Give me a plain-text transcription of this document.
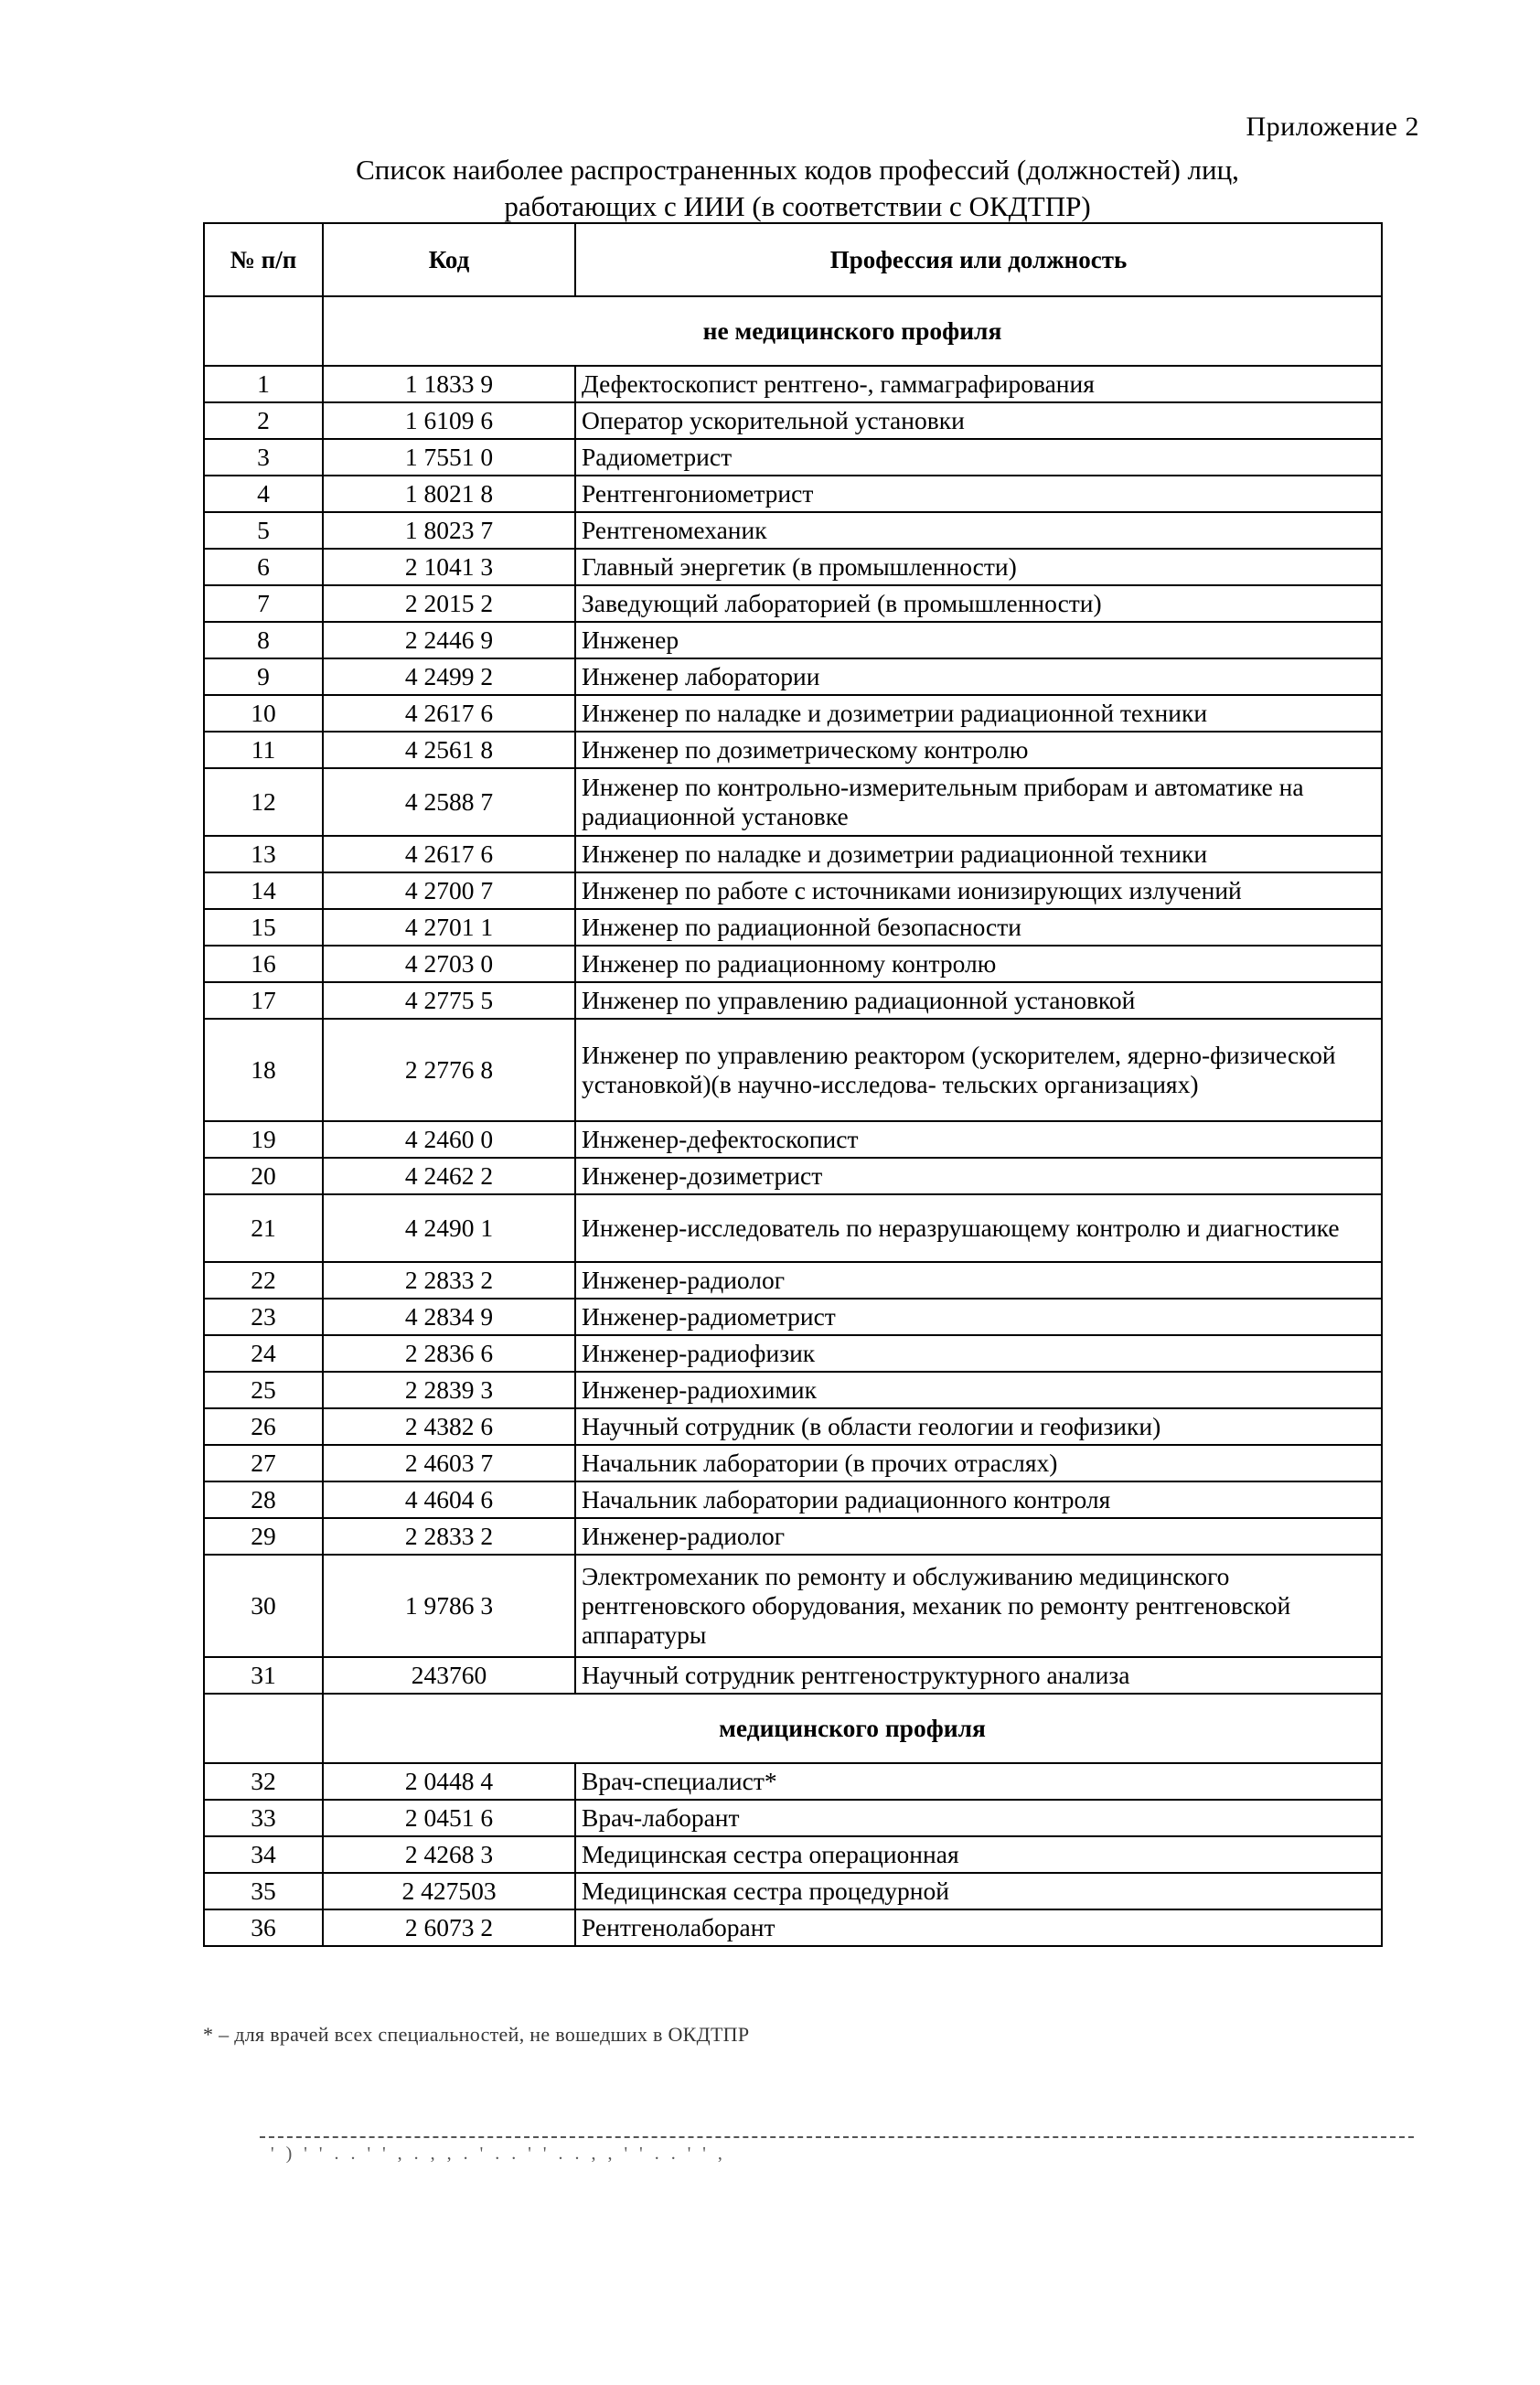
Приложение 2
Список наиболее распространенных кодов профессий (должностей) лиц,
работающих с ИИИ (в соответствии с ОКДТПР)
№ п/п	Код	Профессия или должность
	не медицинского профиля	
1	1 1833 9	Дефектоскопист рентгено-, гаммаграфирования
2	1 6109 6	Оператор ускорительной установки
3	1 7551 0	Радиометрист
4	1 8021 8	Рентгенгониометрист
5	1 8023 7	Рентгеномеханик
6	2 1041 3	Главный энергетик (в промышленности)
7	2 2015 2	Заведующий лабораторией (в промышленности)
8	2 2446 9	Инженер
9	4 2499 2	Инженер лаборатории
10	4 2617 6	Инженер по наладке и дозиметрии радиационной техники
11	4 2561 8	Инженер по дозиметрическому контролю
12	4 2588 7	Инженер по контрольно-измерительным приборам и автоматике на радиационной установке
13	4 2617 6	Инженер по наладке и дозиметрии радиационной техники
14	4 2700 7	Инженер по работе с источниками ионизирующих излучений
15	4 2701 1	Инженер по радиационной безопасности
16	4 2703 0	Инженер по радиационному контролю
17	4 2775 5	Инженер по управлению радиационной установкой
18	2 2776 8	Инженер по управлению реактором (ускорителем, ядерно-физической установкой)(в научно-исследова- тельских организациях)
19	4 2460 0	Инженер-дефектоскопист
20	4 2462 2	Инженер-дозиметрист
21	4 2490 1	Инженер-исследователь по неразрушающему контролю и диагностике
22	2 2833 2	Инженер-радиолог
23	4 2834 9	Инженер-радиометрист
24	2 2836 6	Инженер-радиофизик
25	2 2839 3	Инженер-радиохимик
26	2 4382 6	Научный сотрудник (в области геологии и геофизики)
27	2 4603 7	Начальник лаборатории (в прочих отраслях)
28	4 4604 6	Начальник лаборатории радиационного контроля
29	2 2833 2	Инженер-радиолог
30	1 9786 3	Электромеханик по ремонту и обслуживанию медицинского рентгеновского оборудования, механик по ремонту рентгеновской аппаратуры
31	243760	Научный сотрудник рентгеноструктурного анализа
	медицинского профиля	
32	2 0448 4	Врач-специалист*
33	2 0451 6	Врач-лаборант
34	2 4268 3	Медицинская сестра операционная
35	2 427503	Медицинская сестра процедурной
36	2 6073 2	Рентгенолаборант
* – для врачей всех специальностей, не вошедших в ОКДТПР
' ) ' ' . . ' ' , . , , . ' . . ' ' . . , , ' ' . . ' ' ,
